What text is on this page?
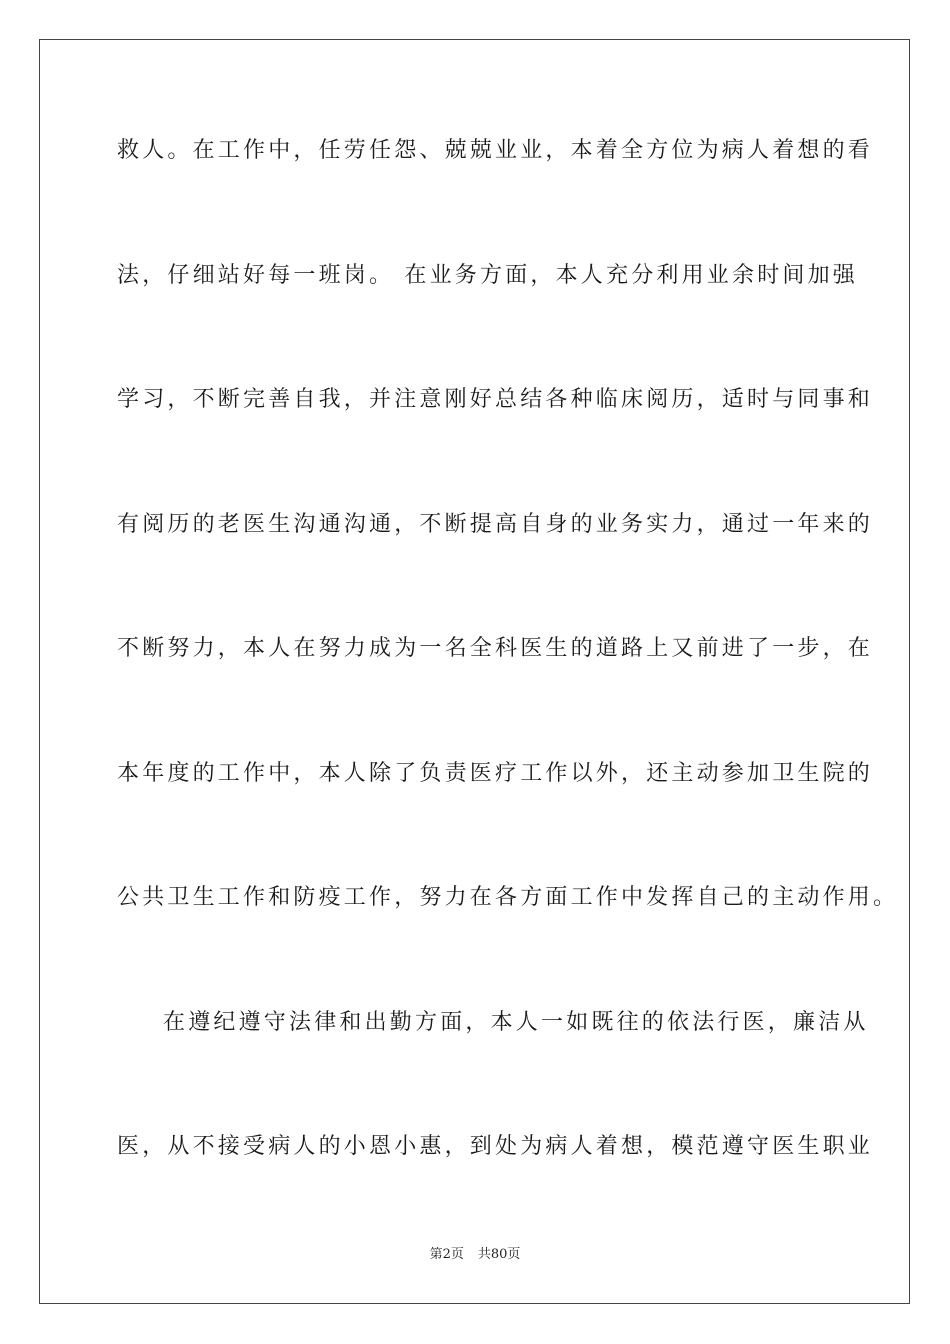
救人。在工作中，任劳任怨、兢兢业业，本着全方位为病人着想的看
法，仔细站好每一班岗。 在业务方面，本人充分利用业余时间加强
学习，不断完善自我，并注意刚好总结各种临床阅历，适时与同事和
有阅历的老医生沟通沟通，不断提高自身的业务实力，通过一年来的
不断努力，本人在努力成为一名全科医生的道路上又前进了一步，在
本年度的工作中，本人除了负责医疗工作以外，还主动参加卫生院的
公共卫生工作和防疫工作，努力在各方面工作中发挥自己的主动作用。
在遵纪遵守法律和出勤方面，本人一如既往的依法行医，廉洁从
医，从不接受病人的小恩小惠，到处为病人着想，模范遵守医生职业
第2页 共80页
